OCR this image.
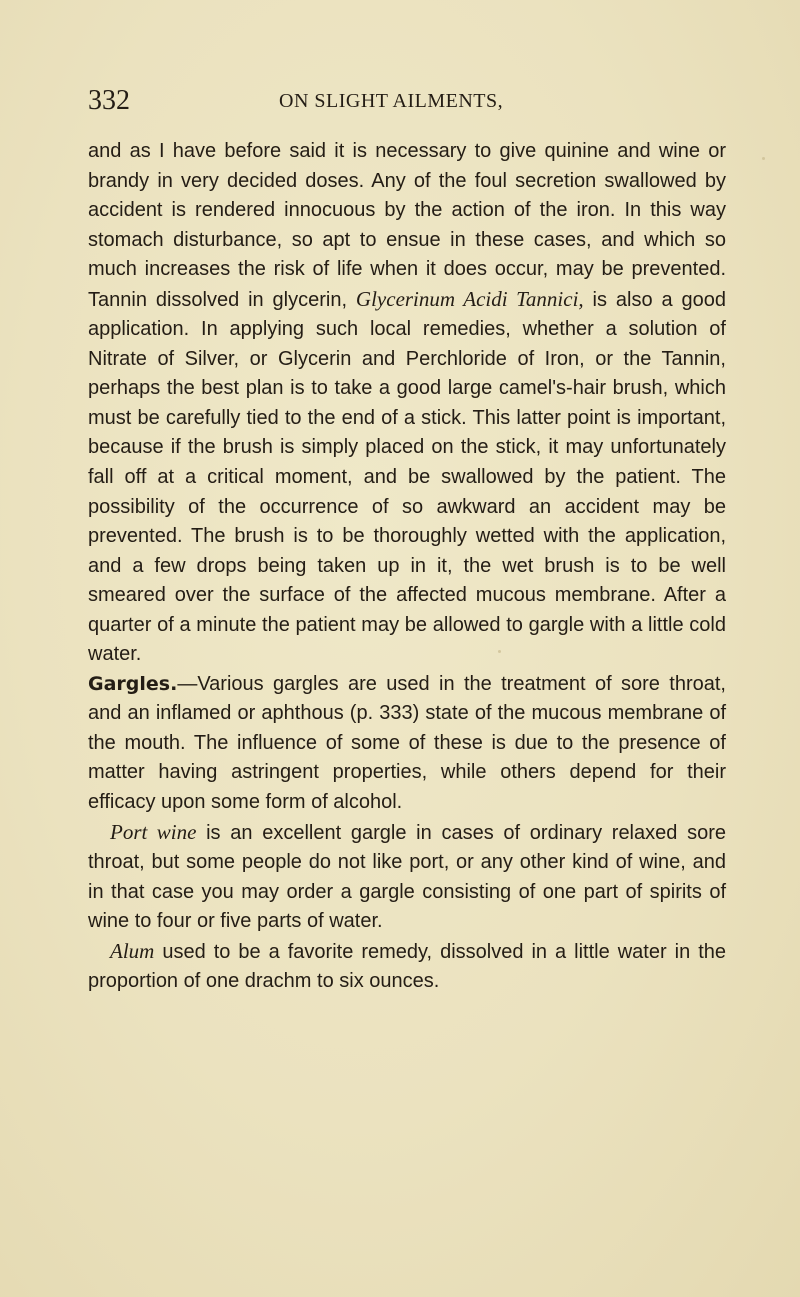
332	ON SLIGHT AILMENTS,

and as I have before said it is necessary to give quinine and wine or brandy in very decided doses. Any of the foul secretion swallowed by accident is rendered innocuous by the action of the iron. In this way stomach disturbance, so apt to ensue in these cases, and which so much increases the risk of life when it does occur, may be prevented. Tannin dissolved in glycerin, Glycerinum Acidi Tannici, is also a good application. In applying such local remedies, whether a solution of Nitrate of Silver, or Glycerin and Perchloride of Iron, or the Tannin, perhaps the best plan is to take a good large camel's-hair brush, which must be carefully tied to the end of a stick. This latter point is important, because if the brush is simply placed on the stick, it may unfortunately fall off at a critical moment, and be swallowed by the patient. The possibility of the occurrence of so awkward an accident may be prevented. The brush is to be thoroughly wetted with the application, and a few drops being taken up in it, the wet brush is to be well smeared over the surface of the affected mucous membrane. After a quarter of a minute the patient may be allowed to gargle with a little cold water.

Gargles.—Various gargles are used in the treatment of sore throat, and an inflamed or aphthous (p. 333) state of the mucous membrane of the mouth. The influence of some of these is due to the presence of matter having astringent properties, while others depend for their efficacy upon some form of alcohol.

Port wine is an excellent gargle in cases of ordinary relaxed sore throat, but some people do not like port, or any other kind of wine, and in that case you may order a gargle consisting of one part of spirits of wine to four or five parts of water.

Alum used to be a favorite remedy, dissolved in a little water in the proportion of one drachm to six ounces.
